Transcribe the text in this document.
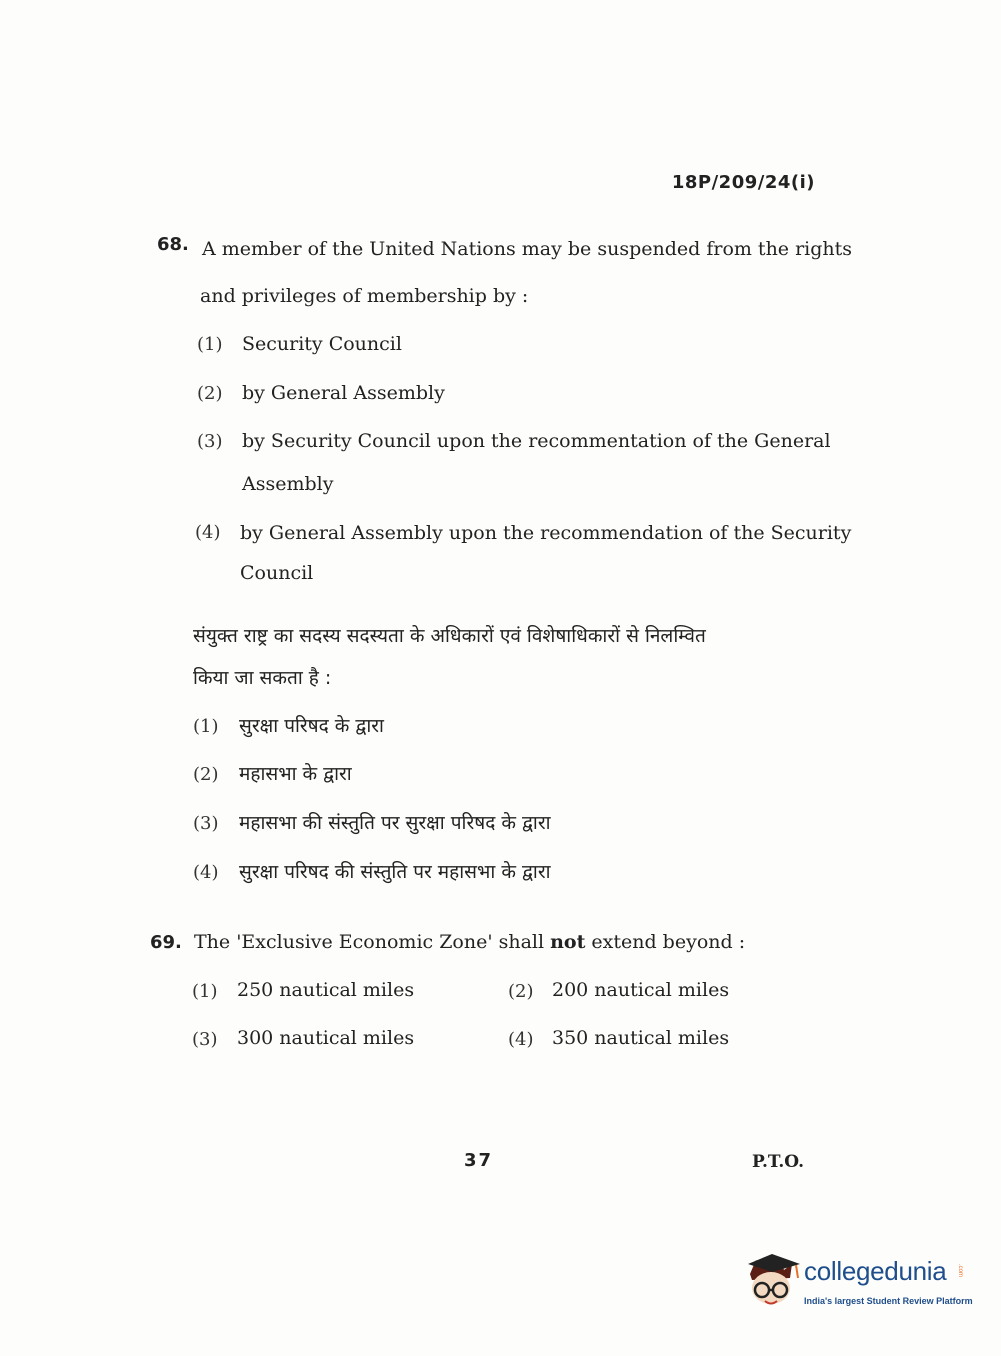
18P/209/24(i)
68. A member of the United Nations may be suspended from the rights
and privileges of membership by :
(1) Security Council
(2) by General Assembly
(3) by Security Council upon the recommentation of the General
Assembly
(4) by General Assembly upon the recommendation of the Security
Council
संयुक्त राष्ट्र का सदस्य सदस्यता के अधिकारों एवं विशेषाधिकारों से निलम्वित
किया जा सकता है :
(1) सुरक्षा परिषद के द्वारा
(2) महासभा के द्वारा
(3) महासभा की संस्तुति पर सुरक्षा परिषद के द्वारा
(4) सुरक्षा परिषद की संस्तुति पर महासभा के द्वारा
69. The 'Exclusive Economic Zone' shall not extend beyond :
(1) 250 nautical miles	(2) 200 nautical miles
(3) 300 nautical miles	(4) 350 nautical miles
37	P.T.O.
collegedunia .com
India's largest Student Review Platform
